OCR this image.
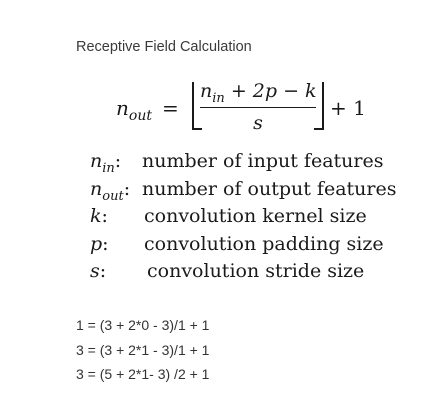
Receptive Field Calculation
$n_{out}$ =
$n_{in} + 2p - k$
s
+ 1
$n_{in}$: number of input features
$n_{out}$: number of output features
k: convolution kernel size
p: convolution padding size
s: convolution stride size
1 = (3 + 2*0 - 3)/1 + 1
3 = (3 + 2*1 - 3)/1 + 1
3 = (5 + 2*1- 3) /2 + 1
